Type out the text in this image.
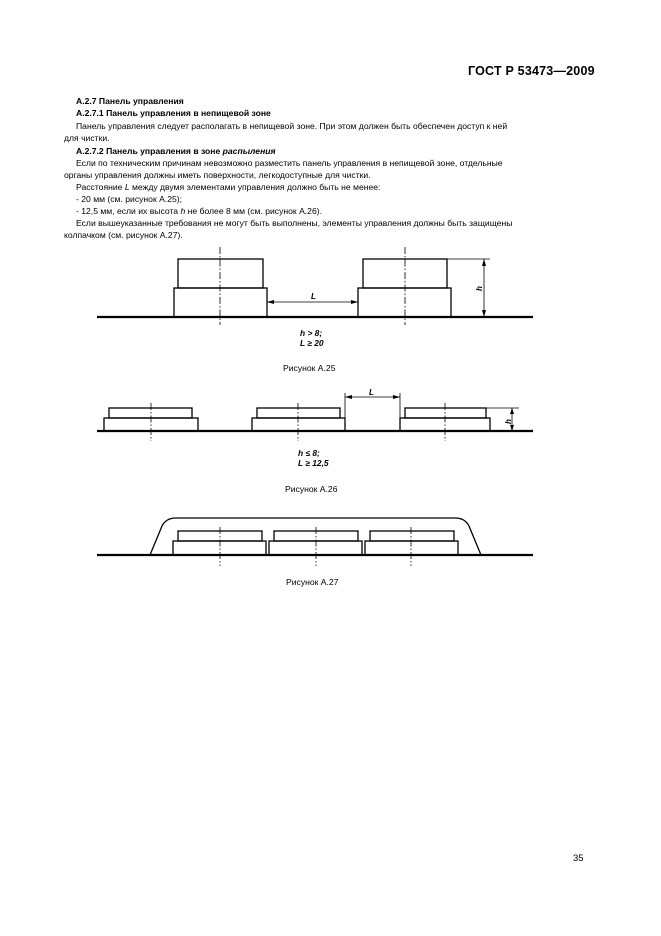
ГОСТ Р 53473—2009
А.2.7 Панель управления
А.2.7.1 Панель управления в непищевой зоне
Панель управления следует располагать в непищевой зоне. При этом должен быть обеспечен доступ к ней
для чистки.
А.2.7.2 Панель управления в зоне распыления
Если по техническим причинам невозможно разместить панель управления в непищевой зоне, отдельные
органы управления должны иметь поверхности, легкодоступные для чистки.
Расстояние L между двумя элементами управления должно быть не менее:
- 20 мм (см. рисунок А.25);
- 12,5 мм, если их высота h не более 8 мм (см. рисунок А.26).
Если вышеуказанные требования не могут быть выполнены, элементы управления должны быть защищены
колпачком (см. рисунок А.27).
L
h
L
h
h > 8;
L ≥ 20
Рисунок А.25
h ≤ 8;
L ≥ 12,5
Рисунок А.26
Рисунок А.27
35
